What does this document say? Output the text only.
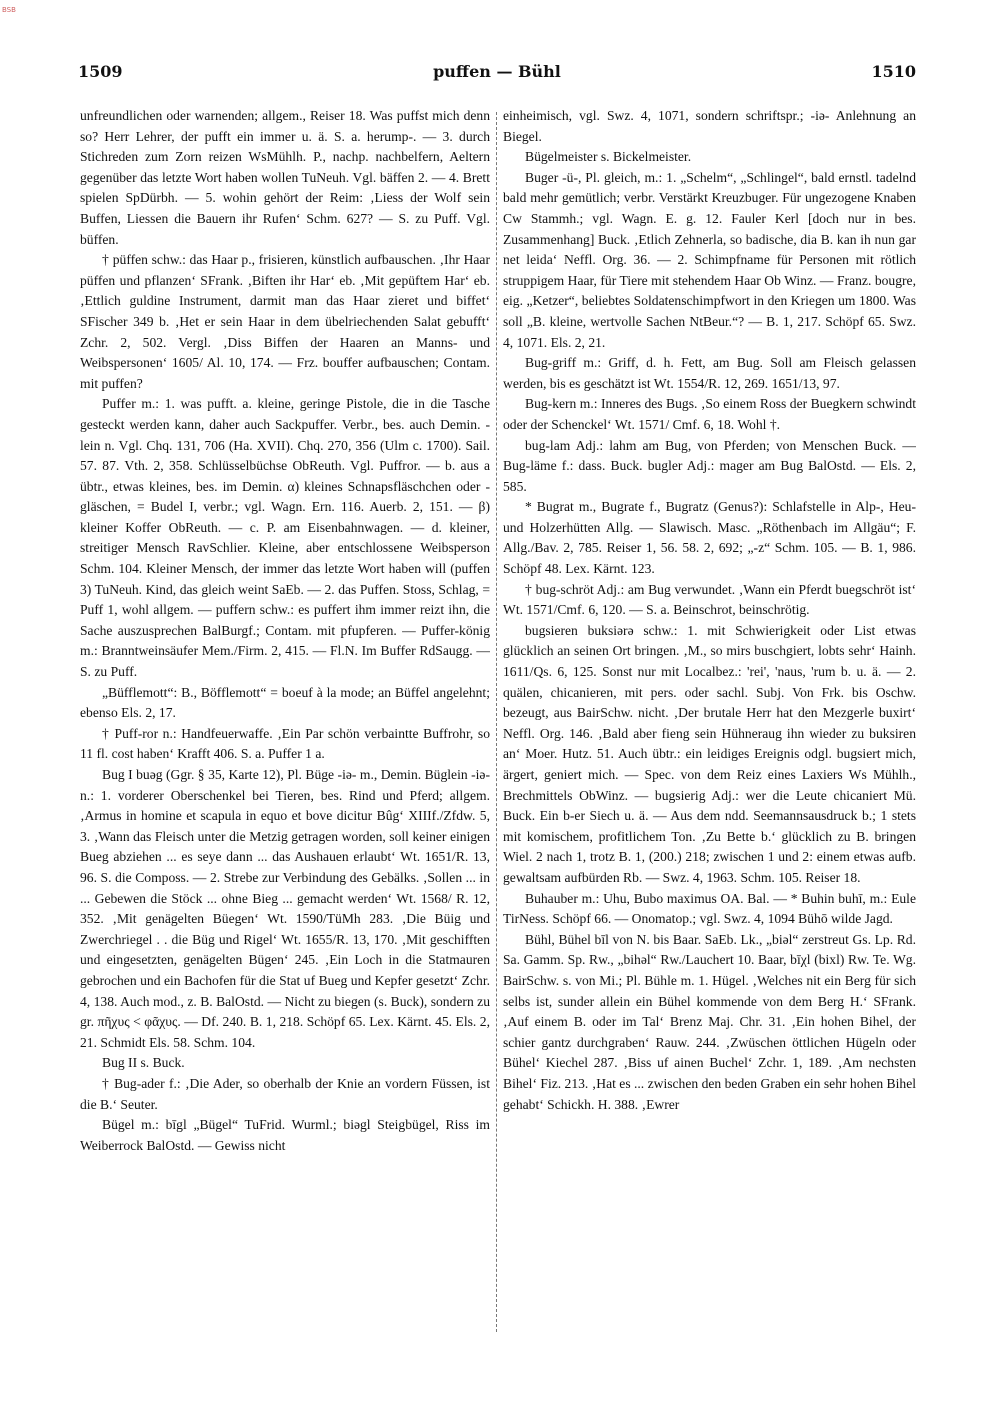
BSB
1509	puffen — Bühl	1510

unfreundlichen oder warnenden; allgem., Reiser 18. Was puffst mich denn so? Herr Lehrer, der pufft ein immer u. ä. S. a. herump-. — 3. durch Stichreden zum Zorn reizen WsMühlh. P., nachp. nachbelfern, Aeltern gegenüber das letzte Wort haben wollen TuNeuh. Vgl. bäffen 2. — 4. Brett spielen SpDürbh. — 5. wohin gehört der Reim: ‚Liess der Wolf sein Buffen, Liessen die Bauern ihr Rufen‘ Schm. 627? — S. zu Puff. Vgl. büffen.

† püffen schw.: das Haar p., frisieren, künstlich aufbauschen. ‚Ihr Haar püffen und pflanzen‘ SFrank. ‚Biften ihr Har‘ eb. ‚Mit gepüftem Har‘ eb. ‚Ettlich guldine Instrument, darmit man das Haar zieret und biffet‘ SFischer 349 b. ‚Het er sein Haar in dem übelriechenden Salat gebufft‘ Zchr. 2, 502. Vergl. ‚Diss Biffen der Haaren an Manns- und Weibspersonen‘ 1605/ Al. 10, 174. — Frz. bouffer aufbauschen; Contam. mit puffen?

Puffer m.: 1. was pufft. a. kleine, geringe Pistole, die in die Tasche gesteckt werden kann, daher auch Sackpuffer. Verbr., bes. auch Demin. -lein n. Vgl. Chq. 131, 706 (Ha. XVII). Chq. 270, 356 (Ulm c. 1700). Sail. 57. 87. Vth. 2, 358. Schlüsselbüchse ObReuth. Vgl. Puffror. — b. aus a übtr., etwas kleines, bes. im Demin. α) kleines Schnapsfläschchen oder -gläschen, = Budel I, verbr.; vgl. Wagn. Ern. 116. Auerb. 2, 151. — β) kleiner Koffer ObReuth. — c. P. am Eisenbahnwagen. — d. kleiner, streitiger Mensch RavSchlier. Kleine, aber entschlossene Weibsperson Schm. 104. Kleiner Mensch, der immer das letzte Wort haben will (puffen 3) TuNeuh. Kind, das gleich weint SaEb. — 2. das Puffen. Stoss, Schlag, = Puff 1, wohl allgem. — puffern schw.: es puffert ihm immer reizt ihn, die Sache auszusprechen BalBurgf.; Contam. mit pfupferen. — Puffer-könig m.: Branntweinsäufer Mem./Firm. 2, 415. — Fl.N. Im Buffer RdSaugg. — S. zu Puff.

„Büfflemott“: B., Böfflemott“ = boeuf à la mode; an Büffel angelehnt; ebenso Els. 2, 17.

† Puff-ror n.: Handfeuerwaffe. ‚Ein Par schön verbaintte Buffrohr, so 11 fl. cost haben‘ Krafft 406. S. a. Puffer 1 a.

Bug I buəg (Ggr. § 35, Karte 12), Pl. Büge -iə- m., Demin. Büglein -iə- n.: 1. vorderer Oberschenkel bei Tieren, bes. Rind und Pferd; allgem. ‚Armus in homine et scapula in equo et bove dicitur Bûg‘ XIIIf./Zfdw. 5, 3. ‚Wann das Fleisch unter die Metzig getragen worden, soll keiner einigen Bueg abziehen ... es seye dann ... das Aushauen erlaubt‘ Wt. 1651/R. 13, 96. S. die Composs. — 2. Strebe zur Verbindung des Gebälks. ‚Sollen ... in ... Gebewen die Stöck ... ohne Bieg ... gemacht werden‘ Wt. 1568/ R. 12, 352. ‚Mit genägelten Büegen‘ Wt. 1590/TüMh 283. ‚Die Büig und Zwerchriegel . . die Büg und Rigel‘ Wt. 1655/R. 13, 170. ‚Mit geschifften und eingesetzten, genägelten Bügen‘ 245. ‚Ein Loch in die Statmauren gebrochen und ein Bachofen für die Stat uf Bueg und Kepfer gesetzt‘ Zchr. 4, 138. Auch mod., z. B. BalOstd. — Nicht zu biegen (s. Buck), sondern zu gr. πῆχυς < φᾶχυς. — Df. 240. B. 1, 218. Schöpf 65. Lex. Kärnt. 45. Els. 2, 21. Schmidt Els. 58. Schm. 104.

Bug II s. Buck.

† Bug-ader f.: ‚Die Ader, so oberhalb der Knie an vordern Füssen, ist die B.‘ Seuter.

Bügel m.: bīgl „Bügel“ TuFrid. Wurml.; biəgl Steigbügel, Riss im Weiberrock BalOstd. — Gewiss nicht

einheimisch, vgl. Swz. 4, 1071, sondern schriftspr.; -iə- Anlehnung an Biegel.

Bügelmeister s. Bickelmeister.

Buger -ü-, Pl. gleich, m.: 1. „Schelm“, „Schlingel“, bald ernstl. tadelnd bald mehr gemütlich; verbr. Verstärkt Kreuzbuger. Für ungezogene Knaben Cw Stammh.; vgl. Wagn. E. g. 12. Fauler Kerl [doch nur in bes. Zusammenhang] Buck. ‚Etlich Zehnerla, so badische, dia B. kan ih nun gar net leida‘ Neffl. Org. 36. — 2. Schimpfname für Personen mit rötlich struppigem Haar, für Tiere mit stehendem Haar Ob Winz. — Franz. bougre, eig. „Ketzer“, beliebtes Soldatenschimpfwort in den Kriegen um 1800. Was soll „B. kleine, wertvolle Sachen NtBeur.“? — B. 1, 217. Schöpf 65. Swz. 4, 1071. Els. 2, 21.

Bug-griff m.: Griff, d. h. Fett, am Bug. Soll am Fleisch gelassen werden, bis es geschätzt ist Wt. 1554/R. 12, 269. 1651/13, 97.

Bug-kern m.: Inneres des Bugs. ‚So einem Ross der Buegkern schwindt oder der Schenckel‘ Wt. 1571/ Cmf. 6, 18. Wohl †.

bug-lam Adj.: lahm am Bug, von Pferden; von Menschen Buck. — Bug-läme f.: dass. Buck. bugler Adj.: mager am Bug BalOstd. — Els. 2, 585.

* Bugrat m., Bugrate f., Bugratz (Genus?): Schlafstelle in Alp-, Heu- und Holzerhütten Allg. — Slawisch. Masc. „Röthenbach im Allgäu“; F. Allg./Bav. 2, 785. Reiser 1, 56. 58. 2, 692; „-z“ Schm. 105. — B. 1, 986. Schöpf 48. Lex. Kärnt. 123.

† bug-schröt Adj.: am Bug verwundet. ‚Wann ein Pferdt buegschröt ist‘ Wt. 1571/Cmf. 6, 120. — S. a. Beinschrot, beinschrötig.

bugsieren buksiərə schw.: 1. mit Schwierigkeit oder List etwas glücklich an seinen Ort bringen. ‚M., so mirs buschgiert, lobts sehr‘ Hainh. 1611/Qs. 6, 125. Sonst nur mit Localbez.: 'rei', 'naus, 'rum b. u. ä. — 2. quälen, chicanieren, mit pers. oder sachl. Subj. Von Frk. bis Oschw. bezeugt, aus BairSchw. nicht. ‚Der brutale Herr hat den Mezgerle buxirt‘ Neffl. Org. 146. ‚Bald aber fieng sein Hühneraug ihn wieder zu buksiren an‘ Moer. Hutz. 51. Auch übtr.: ein leidiges Ereignis odgl. bugsiert mich, ärgert, geniert mich. — Spec. von dem Reiz eines Laxiers Ws Mühlh., Brechmittels ObWinz. — bugsierig Adj.: wer die Leute chicaniert Mü. Buck. Ein b-er Siech u. ä. — Aus dem ndd. Seemannsausdruck b.; 1 stets mit komischem, profitlichem Ton. ‚Zu Bette b.‘ glücklich zu B. bringen Wiel. 2 nach 1, trotz B. 1, (200.) 218; zwischen 1 und 2: einem etwas aufb. gewaltsam aufbürden Rb. — Swz. 4, 1963. Schm. 105. Reiser 18.

Buhauber m.: Uhu, Bubo maximus OA. Bal. — * Buhin buhī, m.: Eule TirNess. Schöpf 66. — Onomatop.; vgl. Swz. 4, 1094 Bühō wilde Jagd.

Bühl, Bühel bīl von N. bis Baar. SaEb. Lk., „biəl“ zerstreut Gs. Lp. Rd. Sa. Gamm. Sp. Rw., „bihəl“ Rw./Lauchert 10. Baar, bīχl (bixl) Rw. Te. Wg. BairSchw. s. von Mi.; Pl. Bühle m. 1. Hügel. ‚Welches nit ein Berg für sich selbs ist, sunder allein ein Bühel kommende von dem Berg H.‘ SFrank. ‚Auf einem B. oder im Tal‘ Brenz Maj. Chr. 31. ‚Ein hohen Bihel, der schier gantz durchgraben‘ Rauw. 244. ‚Zwüschen öttlichen Hügeln oder Bühel‘ Kiechel 287. ‚Biss uf ainen Buchel‘ Zchr. 1, 189. ‚Am nechsten Bihel‘ Fiz. 213. ‚Hat es ... zwischen den beden Graben ein sehr hohen Bihel gehabt‘ Schickh. H. 388. ‚Ewrer
